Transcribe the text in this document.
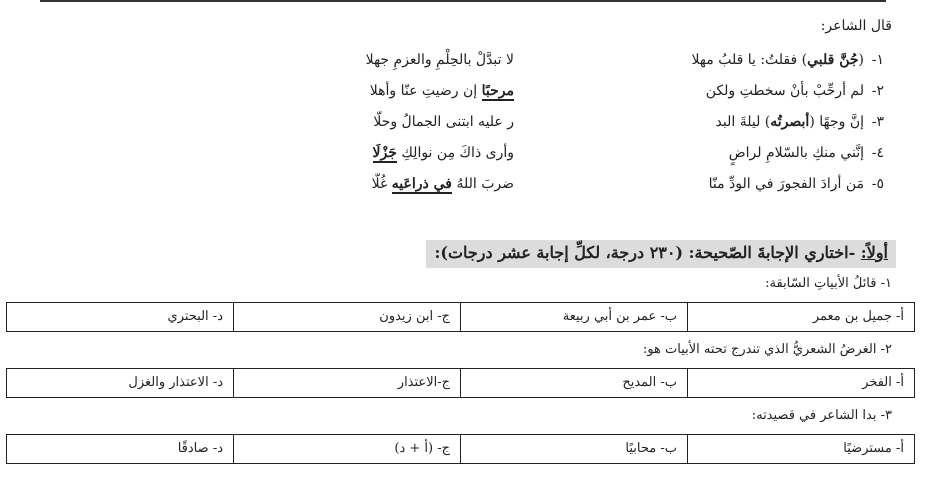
قال الشاعر:
١-
(جُنَّ قلبي) فقلتُ: يا قلبُ مهلا
لا تبدَّلْ بالحِلْمِ والعزمِ جهلا
٢-
لم أرحِّبْ بأنْ سخطتِ ولكن
مرحبًا إن رضيتِ عنّا وأهلا
٣-
إنَّ وجهًا (أبصرتُه) ليلةَ البد
ر عليه ابتنى الجمالُ وحلّا
٤-
إنَّني منكِ بالسّلامِ لراضٍ
وأرى ذاكَ مِن نوالِكِ جَزْلَا
٥-
مَن أرادَ الفجورَ في الودِّ منّا
ضربَ اللهُ في ذراعَيه غُلّا
أولاً: -اختاري الإجابةَ الصّحيحة: (٢٣٠ درجة، لكلِّ إجابة عشر درجات):
١- قائلُ الأبياتِ السّابقة:
أ- جميل بن معمر
ب- عمر بن أبي ربيعة
ج- ابن زيدون
د- البحتري
٢- الغرضُ الشعريُّ الذي تندرج تحته الأبيات هو:
أ- الفخر
ب- المديح
ج-الاعتذار
د- الاعتذار والغزل
٣- بدا الشاعر في قصيدته:
أ- مسترضيًا
ب- محابيًا
ج- (أ + د)
د- صادقًا
